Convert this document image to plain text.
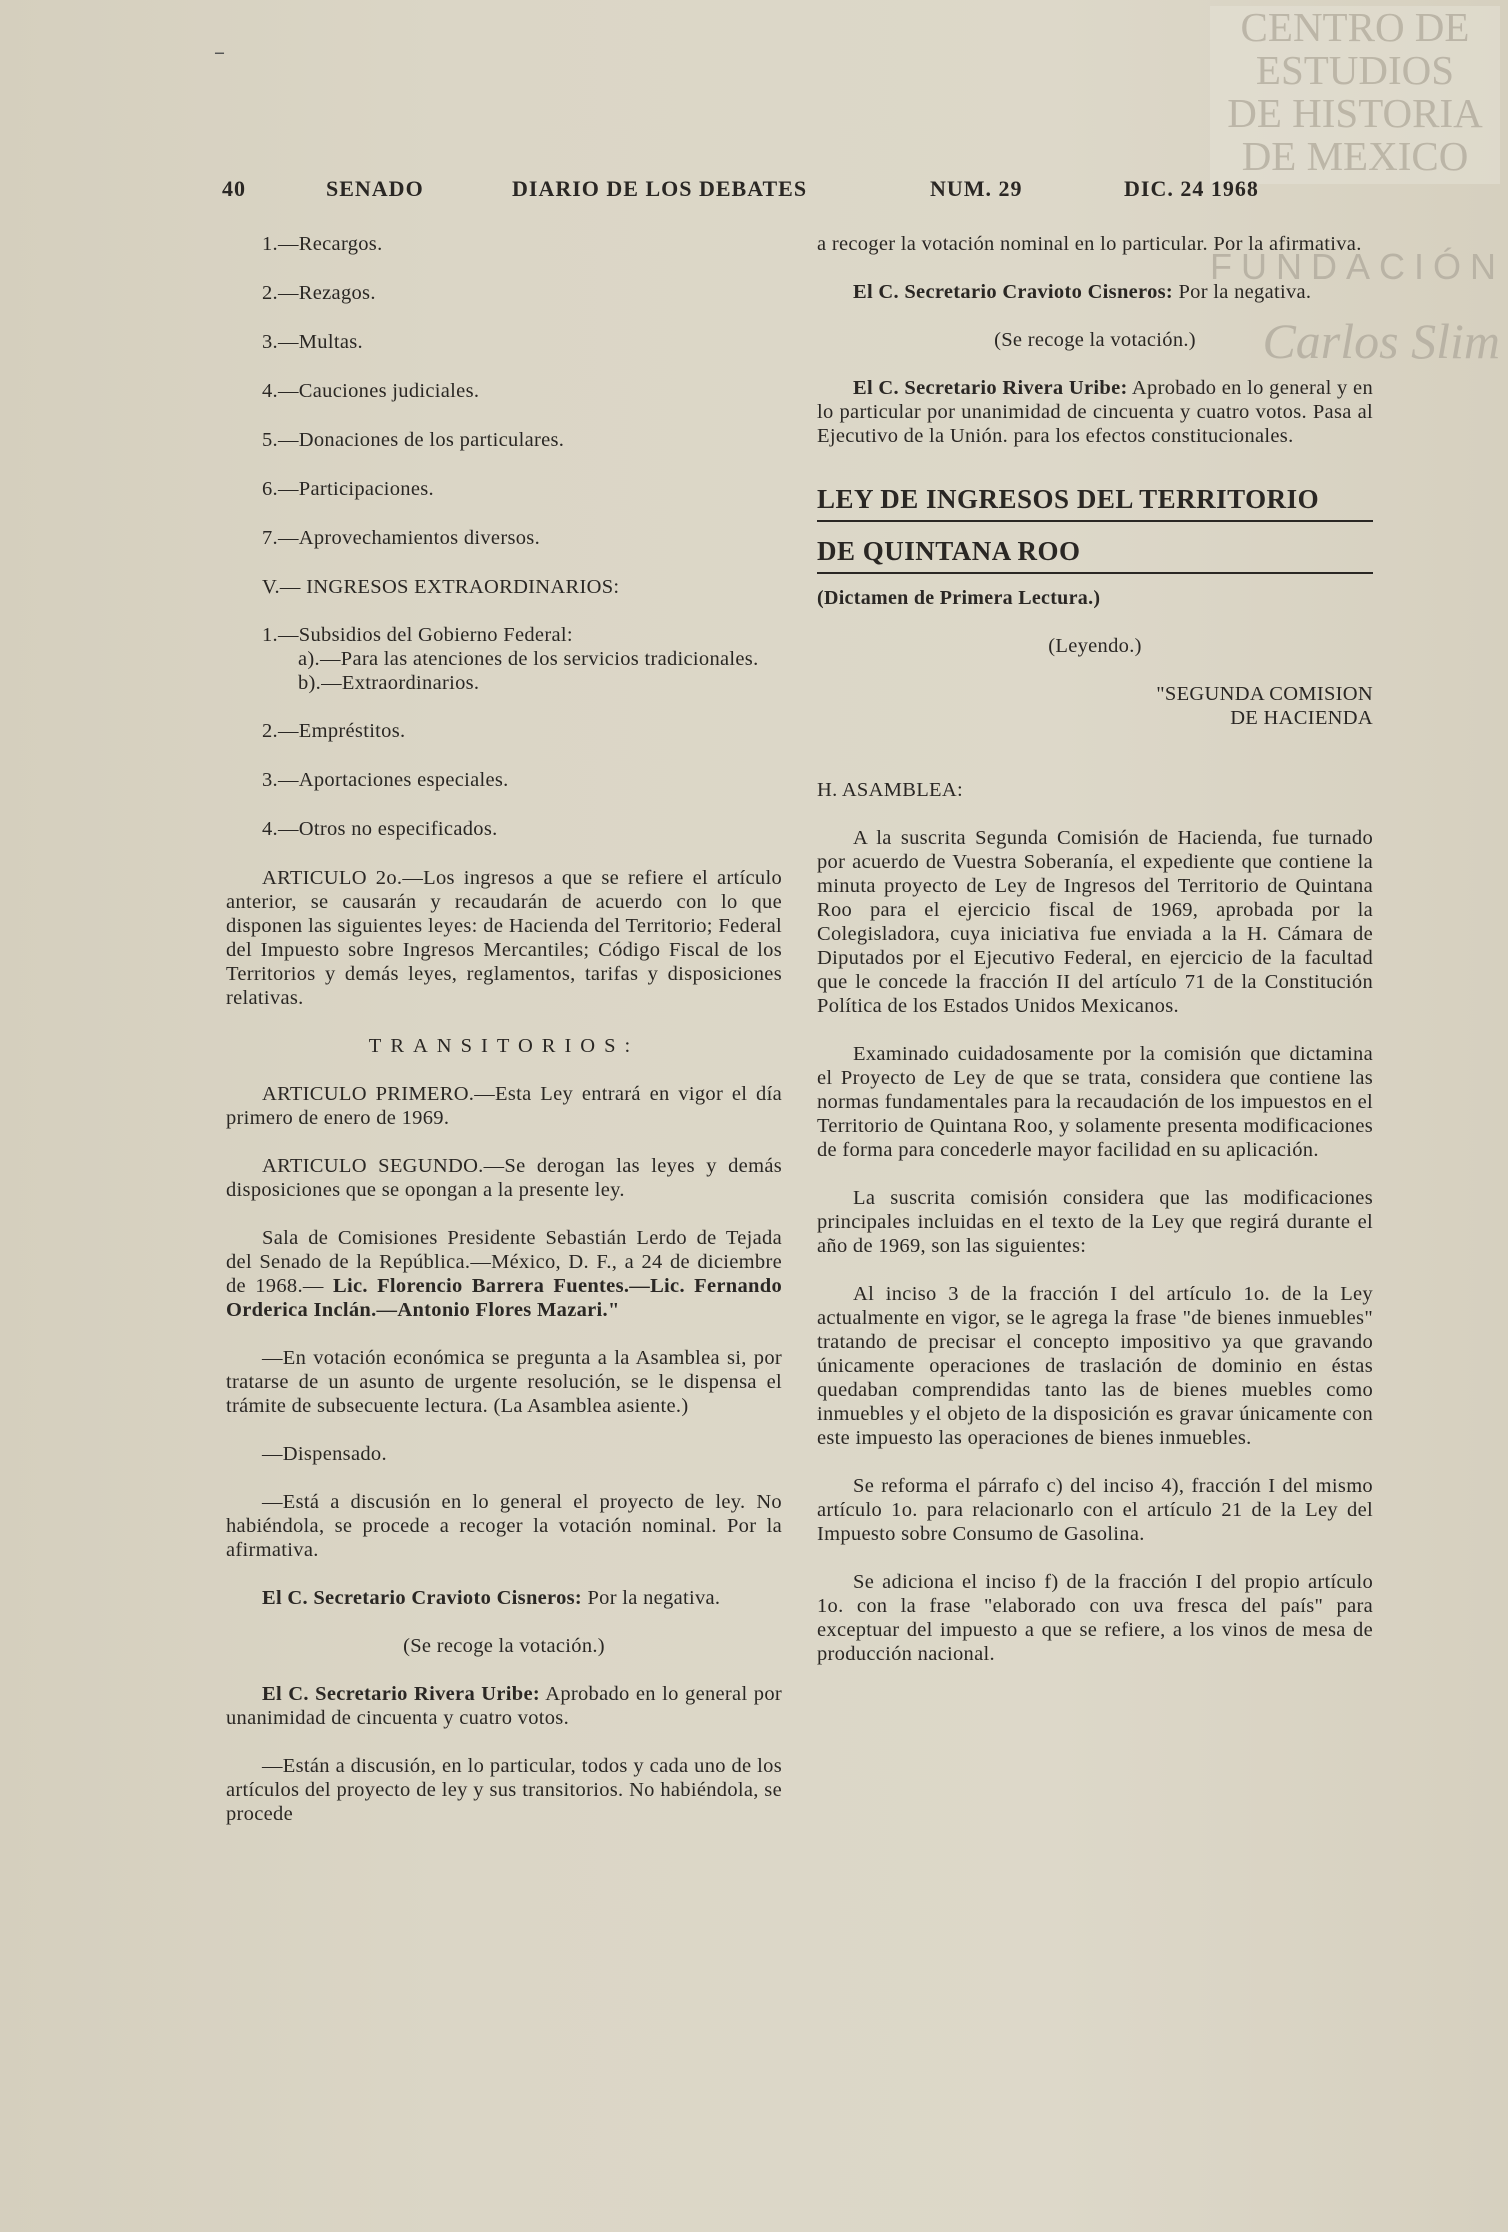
CENTRO DE
ESTUDIOS
DE HISTORIA
DE MEXICO
FUNDACIÓN
Carlos Slim
–
40	SENADO	DIARIO DE LOS DEBATES	NUM. 29	DIC. 24 1968

1.—Recargos.

2.—Rezagos.

3.—Multas.

4.—Cauciones judiciales.

5.—Donaciones de los particulares.

6.—Participaciones.

7.—Aprovechamientos diversos.

V.— INGRESOS EXTRAORDINARIOS:

1.—Subsidios del Gobierno Federal:
a).—Para las atenciones de los servicios tradicionales.
b).—Extraordinarios.

2.—Empréstitos.

3.—Aportaciones especiales.

4.—Otros no especificados.

ARTICULO 2o.—Los ingresos a que se refiere el artículo anterior, se causarán y recaudarán de acuerdo con lo que disponen las siguientes leyes: de Hacienda del Territorio; Federal del Impuesto sobre Ingresos Mercantiles; Código Fiscal de los Territorios y demás leyes, reglamentos, tarifas y disposiciones relativas.

TRANSITORIOS:

ARTICULO PRIMERO.—Esta Ley entrará en vigor el día primero de enero de 1969.

ARTICULO SEGUNDO.—Se derogan las leyes y demás disposiciones que se opongan a la presente ley.

Sala de Comisiones Presidente Sebastián Lerdo de Tejada del Senado de la República.—México, D. F., a 24 de diciembre de 1968.— Lic. Florencio Barrera Fuentes.—Lic. Fernando Orderica Inclán.—Antonio Flores Mazari."

—En votación económica se pregunta a la Asamblea si, por tratarse de un asunto de urgente resolución, se le dispensa el trámite de subsecuente lectura. (La Asamblea asiente.)

—Dispensado.

—Está a discusión en lo general el proyecto de ley. No habiéndola, se procede a recoger la votación nominal. Por la afirmativa.

El C. Secretario Cravioto Cisneros: Por la negativa.

(Se recoge la votación.)

El C. Secretario Rivera Uribe: Aprobado en lo general por unanimidad de cincuenta y cuatro votos.

—Están a discusión, en lo particular, todos y cada uno de los artículos del proyecto de ley y sus transitorios. No habiéndola, se procede

a recoger la votación nominal en lo particular. Por la afirmativa.

El C. Secretario Cravioto Cisneros: Por la negativa.

(Se recoge la votación.)

El C. Secretario Rivera Uribe: Aprobado en lo general y en lo particular por unanimidad de cincuenta y cuatro votos. Pasa al Ejecutivo de la Unión. para los efectos constitucionales.

LEY DE INGRESOS DEL TERRITORIO
DE QUINTANA ROO
(Dictamen de Primera Lectura.)

(Leyendo.)

"SEGUNDA COMISION
DE HACIENDA

H. ASAMBLEA:

A la suscrita Segunda Comisión de Hacienda, fue turnado por acuerdo de Vuestra Soberanía, el expediente que contiene la minuta proyecto de Ley de Ingresos del Territorio de Quintana Roo para el ejercicio fiscal de 1969, aprobada por la Colegisladora, cuya iniciativa fue enviada a la H. Cámara de Diputados por el Ejecutivo Federal, en ejercicio de la facultad que le concede la fracción II del artículo 71 de la Constitución Política de los Estados Unidos Mexicanos.

Examinado cuidadosamente por la comisión que dictamina el Proyecto de Ley de que se trata, considera que contiene las normas fundamentales para la recaudación de los impuestos en el Territorio de Quintana Roo, y solamente presenta modificaciones de forma para concederle mayor facilidad en su aplicación.

La suscrita comisión considera que las modificaciones principales incluidas en el texto de la Ley que regirá durante el año de 1969, son las siguientes:

Al inciso 3 de la fracción I del artículo 1o. de la Ley actualmente en vigor, se le agrega la frase "de bienes inmuebles" tratando de precisar el concepto impositivo ya que gravando únicamente operaciones de traslación de dominio en éstas quedaban comprendidas tanto las de bienes muebles como inmuebles y el objeto de la disposición es gravar únicamente con este impuesto las operaciones de bienes inmuebles.

Se reforma el párrafo c) del inciso 4), fracción I del mismo artículo 1o. para relacionarlo con el artículo 21 de la Ley del Impuesto sobre Consumo de Gasolina.

Se adiciona el inciso f) de la fracción I del propio artículo 1o. con la frase "elaborado con uva fresca del país" para exceptuar del impuesto a que se refiere, a los vinos de mesa de producción nacional.
